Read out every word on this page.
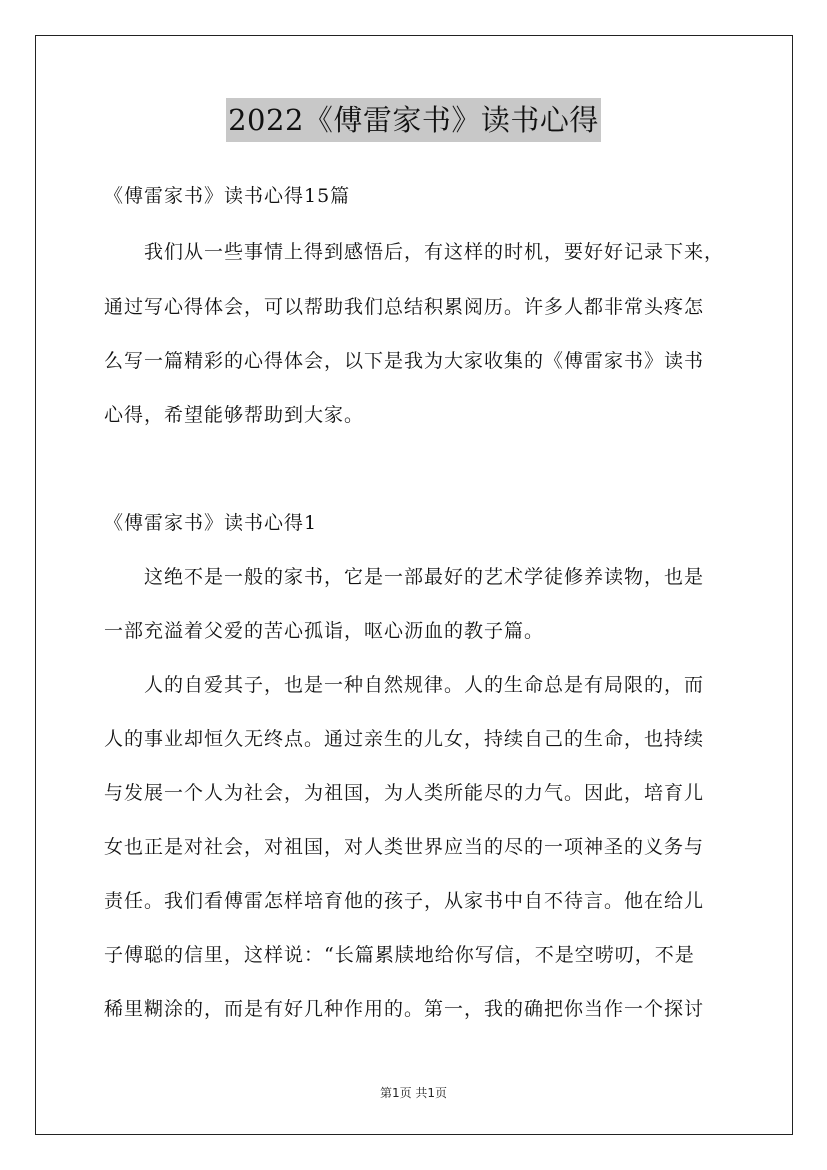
2022《傅雷家书》读书心得
《傅雷家书》读书心得15篇
我们从一些事情上得到感悟后，有这样的时机，要好好记录下来，
通过写心得体会，可以帮助我们总结积累阅历。许多人都非常头疼怎
么写一篇精彩的心得体会，以下是我为大家收集的《傅雷家书》读书
心得，希望能够帮助到大家。
《傅雷家书》读书心得1
这绝不是一般的家书，它是一部最好的艺术学徒修养读物，也是
一部充溢着父爱的苦心孤诣，呕心沥血的教子篇。
人的自爱其子，也是一种自然规律。人的生命总是有局限的，而
人的事业却恒久无终点。通过亲生的儿女，持续自己的生命，也持续
与发展一个人为社会，为祖国，为人类所能尽的力气。因此，培育儿
女也正是对社会，对祖国，对人类世界应当的尽的一项神圣的义务与
责任。我们看傅雷怎样培育他的孩子，从家书中自不待言。他在给儿
子傅聪的信里，这样说：“长篇累牍地给你写信，不是空唠叨，不是
稀里糊涂的，而是有好几种作用的。第一，我的确把你当作一个探讨
第1页 共1页
